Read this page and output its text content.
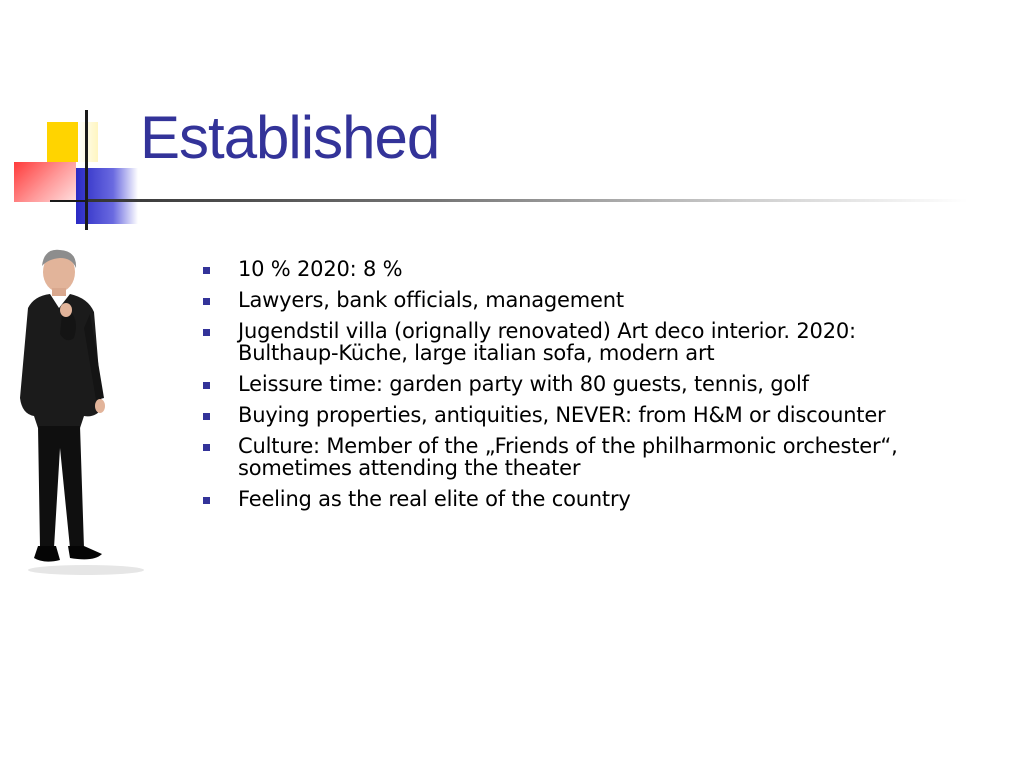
Established
10 % 2020: 8 %
Lawyers, bank officials, management
Jugendstil villa (orignally renovated) Art deco interior. 2020:
Bulthaup-Küche, large italian sofa, modern art
Leissure time: garden party with 80 guests, tennis, golf
Buying properties, antiquities, NEVER: from H&M or discounter
Culture: Member of the „Friends of the philharmonic orchester“,
sometimes attending the theater
Feeling as the real elite of the country
